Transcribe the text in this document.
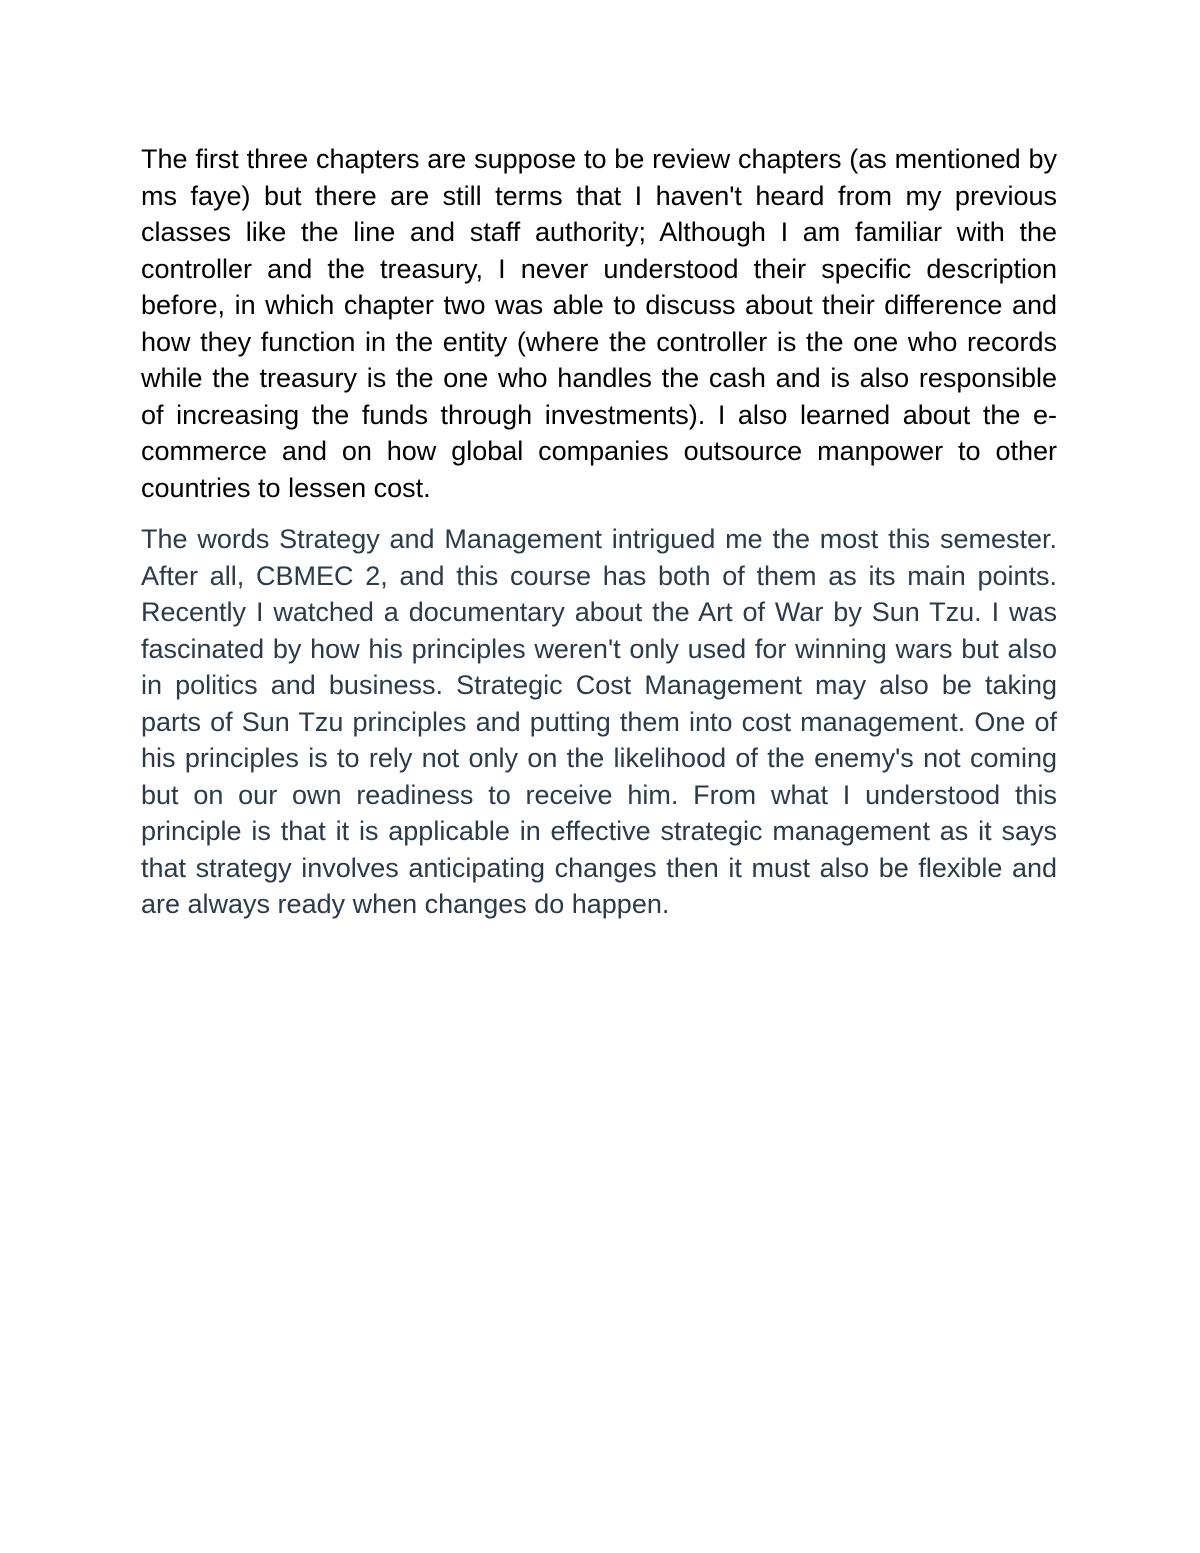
The first three chapters are suppose to be review chapters (as mentioned by ms faye) but there are still terms that I haven't heard from my previous classes like the line and staff authority; Although I am familiar with the controller and the treasury, I never understood their specific description before, in which chapter two was able to discuss about their difference and how they function in the entity (where the controller is the one who records while the treasury is the one who handles the cash and is also responsible of increasing the funds through investments). I also learned about the e-commerce and on how global companies outsource manpower to other countries to lessen cost.

The words Strategy and Management intrigued me the most this semester. After all, CBMEC 2, and this course has both of them as its main points. Recently I watched a documentary about the Art of War by Sun Tzu. I was fascinated by how his principles weren't only used for winning wars but also in politics and business. Strategic Cost Management may also be taking parts of Sun Tzu principles and putting them into cost management. One of his principles is to rely not only on the likelihood of the enemy's not coming but on our own readiness to receive him. From what I understood this principle is that it is applicable in effective strategic management as it says that strategy involves anticipating changes then it must also be flexible and are always ready when changes do happen.
